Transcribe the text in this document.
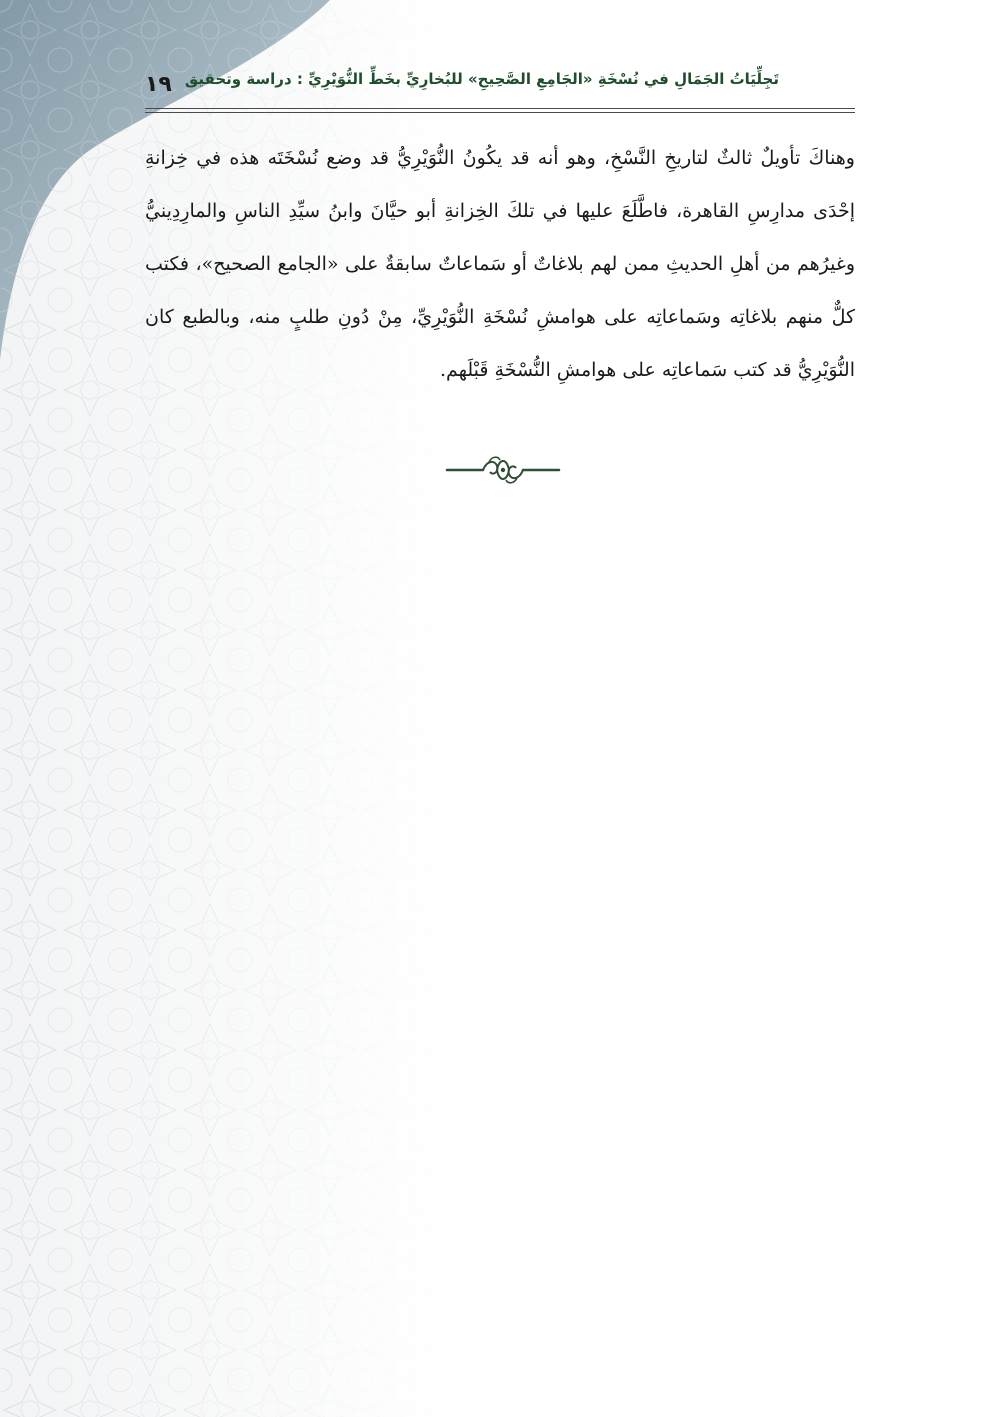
١٩ تَجِلِّيَاتُ الجَمَالِ في نُسْخَةِ «الجَامِعِ الصَّحِيحِ» للبُخارِيِّ بخَطِّ النُّوَيْرِيِّ : دراسة وتحقيق

وهناكَ تأويلٌ ثالثٌ لتاريخِ النَّسْخِ، وهو أنه قد يكُونُ النُّوَيْرِيُّ قد وضع نُسْخَتَه هذه في خِزانةِ إحْدَى مدارِسِ القاهرة، فاطَّلَعَ عليها في تلكَ الخِزانةِ أبو حيَّانَ وابنُ سيِّدِ الناسِ والمارِدِينيُّ وغيرُهم من أهلِ الحديثِ ممن لهم بلاغاتٌ أو سَماعاتٌ سابقةٌ على «الجامع الصحيح»، فكتب كلٌّ منهم بلاغاتِه وسَماعاتِه على هوامشِ نُسْخَةِ النُّوَيْرِيِّ، مِنْ دُونِ طلبٍ منه، وبالطبع كان النُّوَيْرِيُّ قد كتب سَماعاتِه على هوامشِ النُّسْخَةِ قَبْلَهم.
